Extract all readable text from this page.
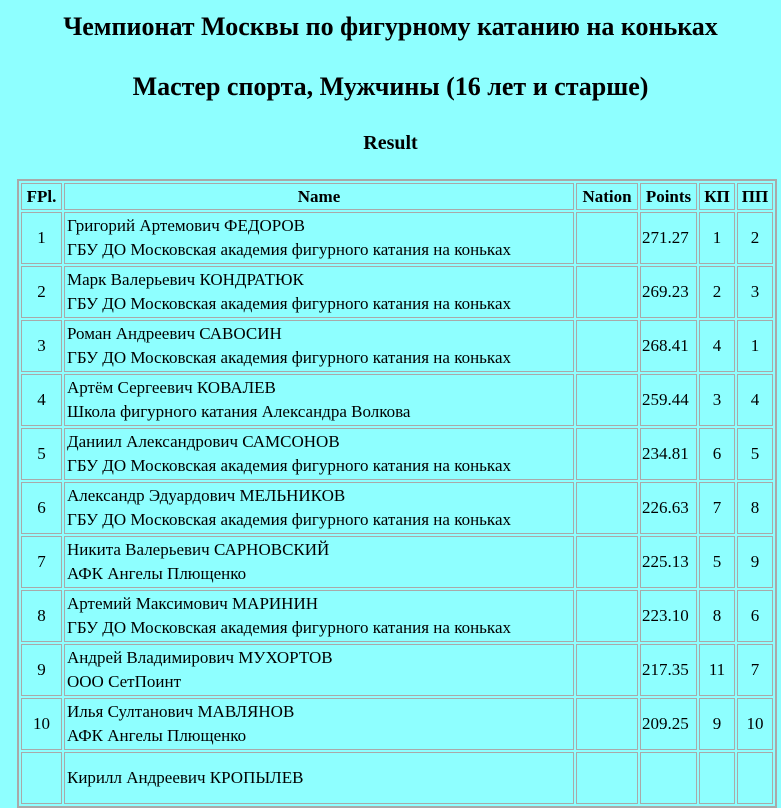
Чемпионат Москвы по фигурному катанию на коньках
Мастер спорта, Мужчины (16 лет и старше)
Result
FPl.	Name	Nation	Points	КП	ПП
1	Григорий Артемович ФЕДОРОВ
ГБУ ДО Московская академия фигурного катания на коньках		271.27	1	2
2	Марк Валерьевич КОНДРАТЮК
ГБУ ДО Московская академия фигурного катания на коньках		269.23	2	3
3	Роман Андреевич САВОСИН
ГБУ ДО Московская академия фигурного катания на коньках		268.41	4	1
4	Артём Сергеевич КОВАЛЕВ
Школа фигурного катания Александра Волкова		259.44	3	4
5	Даниил Александрович САМСОНОВ
ГБУ ДО Московская академия фигурного катания на коньках		234.81	6	5
6	Александр Эдуардович МЕЛЬНИКОВ
ГБУ ДО Московская академия фигурного катания на коньках		226.63	7	8
7	Никита Валерьевич САРНОВСКИЙ
АФК Ангелы Плющенко		225.13	5	9
8	Артемий Максимович МАРИНИН
ГБУ ДО Московская академия фигурного катания на коньках		223.10	8	6
9	Андрей Владимирович МУХОРТОВ
ООО СетПоинт		217.35	11	7
10	Илья Султанович МАВЛЯНОВ
АФК Ангелы Плющенко		209.25	9	10

	Кирилл Андреевич КРОПЫЛЕВ				
